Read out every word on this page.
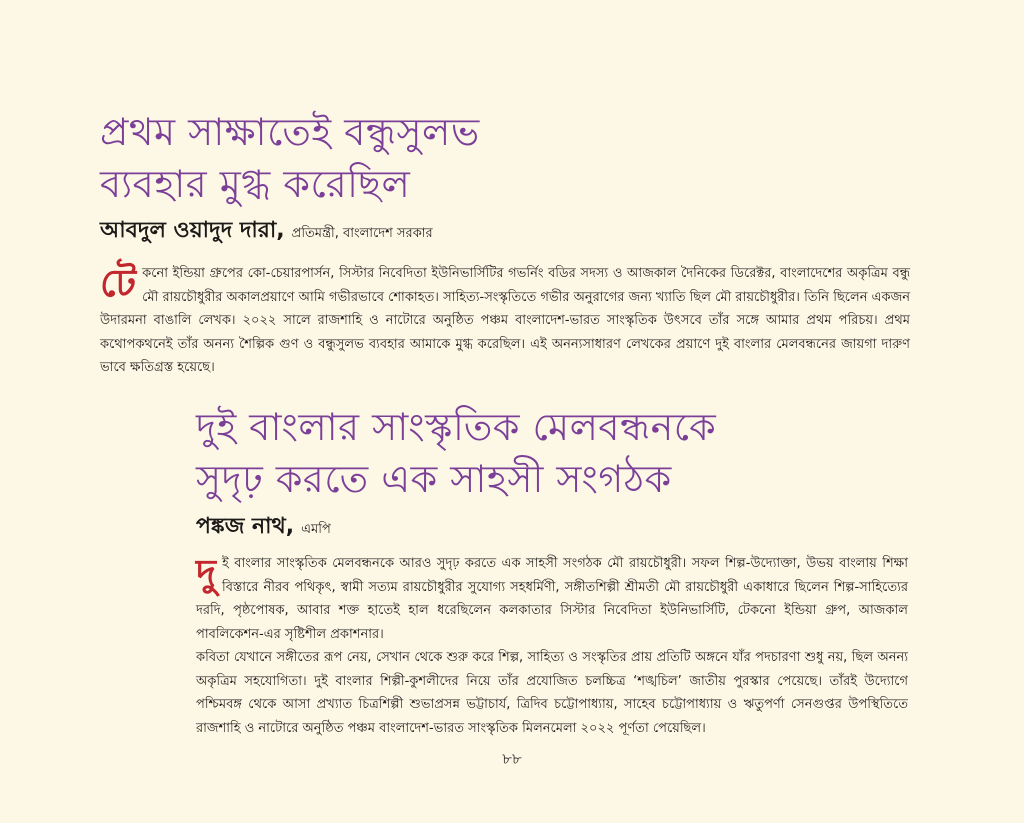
প্রথম সাক্ষাতেই বন্ধুসুলভ
ব্যবহার মুগ্ধ করেছিল

আবদুল ওয়াদুদ দারা, প্রতিমন্ত্রী, বাংলাদেশ সরকার

টে কনো ইন্ডিয়া গ্রুপের কো-চেয়ারপার্সন, সিস্টার নিবেদিতা ইউনিভার্সিটির গভর্নিং বডির সদস্য ও আজকাল দৈনিকের ডিরেক্টর, বাংলাদেশের অকৃত্রিম বন্ধু মৌ রায়চৌধুরীর অকালপ্রয়াণে আমি গভীরভাবে শোকাহত। সাহিত্য-সংস্কৃতিতে গভীর অনুরাগের জন্য খ্যাতি ছিল মৌ রায়চৌধুরীর। তিনি ছিলেন একজন উদারমনা বাঙালি লেখক। ২০২২ সালে রাজশাহি ও নাটোরে অনুষ্ঠিত পঞ্চম বাংলাদেশ-ভারত সাংস্কৃতিক উৎসবে তাঁর সঙ্গে আমার প্রথম পরিচয়। প্রথম কথোপকথনেই তাঁর অনন্য শৈল্পিক গুণ ও বন্ধুসুলভ ব্যবহার আমাকে মুগ্ধ করেছিল। এই অনন্যসাধারণ লেখকের প্রয়াণে দুই বাংলার মেলবন্ধনের জায়গা দারুণ ভাবে ক্ষতিগ্রস্ত হয়েছে।

দুই বাংলার সাংস্কৃতিক মেলবন্ধনকে
সুদৃঢ় করতে এক সাহসী সংগঠক

পঙ্কজ নাথ, এমপি

দু ই বাংলার সাংস্কৃতিক মেলবন্ধনকে আরও সুদৃঢ় করতে এক সাহসী সংগঠক মৌ রায়চৌধুরী। সফল শিল্প-উদ্যোক্তা, উভয় বাংলায় শিক্ষা বিস্তারে নীরব পথিকৃৎ, স্বামী সত্যম রায়চৌধুরীর সুযোগ্য সহধর্মিণী, সঙ্গীতশিল্পী শ্রীমতী মৌ রায়চৌধুরী একাধারে ছিলেন শিল্প-সাহিত্যের দরদি, পৃষ্ঠপোষক, আবার শক্ত হাতেই হাল ধরেছিলেন কলকাতার সিস্টার নিবেদিতা ইউনিভার্সিটি, টেকনো ইন্ডিয়া গ্রুপ, আজকাল পাবলিকেশন-এর সৃষ্টিশীল প্রকাশনার।

কবিতা যেখানে সঙ্গীতের রূপ নেয়, সেখান থেকে শুরু করে শিল্প, সাহিত্য ও সংস্কৃতির প্রায় প্রতিটি অঙ্গনে যাঁর পদচারণা শুধু নয়, ছিল অনন্য অকৃত্রিম সহযোগিতা। দুই বাংলার শিল্পী-কুশলীদের নিয়ে তাঁর প্রযোজিত চলচ্চিত্র ‘শঙ্খচিল’ জাতীয় পুরস্কার পেয়েছে। তাঁরই উদ্যোগে পশ্চিমবঙ্গ থেকে আসা প্রখ্যাত চিত্রশিল্পী শুভাপ্রসন্ন ভট্টাচার্য, ত্রিদিব চট্টোপাধ্যায়, সাহেব চট্টোপাধ্যায় ও ঋতুপর্ণা সেনগুপ্তর উপস্থিতিতে রাজশাহি ও নাটোরে অনুষ্ঠিত পঞ্চম বাংলাদেশ-ভারত সাংস্কৃতিক মিলনমেলা ২০২২ পূর্ণতা পেয়েছিল।

৮৮
